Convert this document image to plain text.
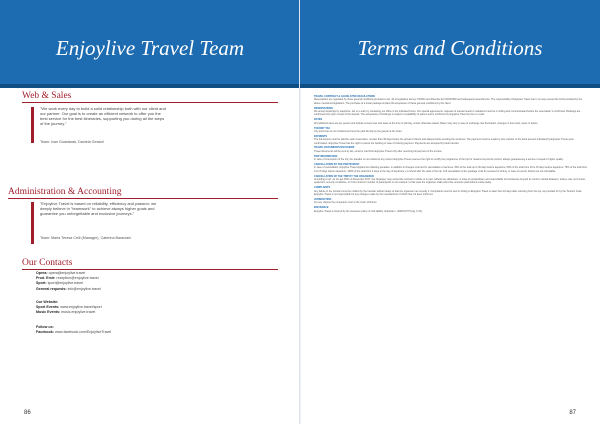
Enjoylive Travel Team
Web & Sales
"We work every day to build a solid relationship both with our client and our partner. Our goal is to create an efficient network to offer you the best service for the best itineraries, supporting you during all the steps of the journey."
Team: Ivan Guastarak, Daniela Gessini
Administration & Accounting
"Enjoylive Travel is based on reliability, efficiency and passion: we deeply believe in "teamwork" to achieve always higher goals and guarantee you unforgettable and exclusive journeys."
Team: Maria Teresa Celli (Manager), Caterina Baraciani
Our Contacts
Opera: opera@enjoylive.travel
Prod. Emir: rezeption@enjoylive.travel
Sport: sport@enjoylive.travel
General requests: info@enjoylive.travel
Our Website:
Sport Events: www.enjoylive.travel/sport
Music Events: music.enjoylive.travel
Follow us:
Facebook: www.facebook.com/EnjoyliveTravel
86
Terms and Conditions
TRAVEL CONTRACT & LEGISLATIVE REGULATIONS
Reservations are regulated by these general conditions pursuant to art. 32 of legislative decree 79/2011 and Directive EU 2015/2302 and subsequent amendments. The responsibility of Enjoylive Travel can in no way exceed the limits provided by the above mentioned legislation. The purchase of a travel package implies full acceptance of these general conditions by the client.
RESERVATIONS
We accept bookings by telephone, fax or e-mail, by contacting our office in the indicated hours. Our special agreements, requests of special needs or variations must be in writing and communicated before the reservation is confirmed. Bookings are confirmed only upon receipt of the deposit. The acceptance of bookings is subject to availability of places and is confirmed by Enjoylive Travel by fax or e-mail.
RATES
All published rates are per person and include service fees and taxes at the time of printing, unless otherwise stated. Rates may vary in case of exchange rate fluctuation, changes in fuel costs, taxes or duties.
TOURIST TAX
City tourist tax is not included and must be paid directly by the guests at the hotel.
PAYMENTS
The full amount must be paid for each reservation, no later than 30 days before the arrival of clients and always before sending the vouchers. The payment must be made by wire transfer to the bank account indicated by Enjoylive Travel upon confirmation. Enjoylive Travel has the right to cancel the booking in case of missing payment. Payments are accepted by bank transfer.
TRAVEL DOCUMENTS/VOUCHERS
Travel documents will be sent by fax, email or mail from Enjoylive Travel only after receiving full payment of the invoice.
TRIP INFORMATION
In case of interruption of the trip, the traveller is not entitled to any refund. Enjoylive Travel reserves the right to modify the programme of the trip for reasons beyond its control, always guaranteeing a service of equal or higher quality.
CANCELLATION BY THE PARTICIPANT
In case of cancellation, Enjoylive Travel applies the following penalties, in addition to charges incurred for cancellation of services: 30% of the total up to 30 days before departure; 50% of the total from 29 to 15 days before departure; 75% of the total from 14 to 5 days before departure; 100% of the total from 4 days to the day of departure; no refund after the start of the trip. Full cancellation of the package must be received in writing. In case of events, tickets are not refundable.
CANCELLATION OF THE TRIP BY THE ORGANIZER
According to art. 41 of Law 20/11 of December 2017, the Organiser may cancel the contract in whole or in part, without any allowance, in case of extraordinary and unavoidable circumstances beyond its control, natural disasters, strikes, war, civil unrest, epidemics, security conditions, or if the minimum number of participants is not reached. In that case the organiser shall refund the amounts paid without undue delay.
COMPLAINTS
Any failure in the contract must be notified by the traveller without delay so that the organiser can remedy it. Complaints must be sent in writing to Enjoylive Travel no later than 10 days after returning from the trip, as provided for by the Tourism Code. Enjoylive Travel is not responsible for any changes made by the manufacturer of which has not been informed.
JURISDICTION
For any dispute the competent court is the Court of Rimini.
INSURANCE
Enjoylive Travel is insured by the insurance policy of civil liability Unipolsai n. 4006/41/779 (ag. 6 23).
87
